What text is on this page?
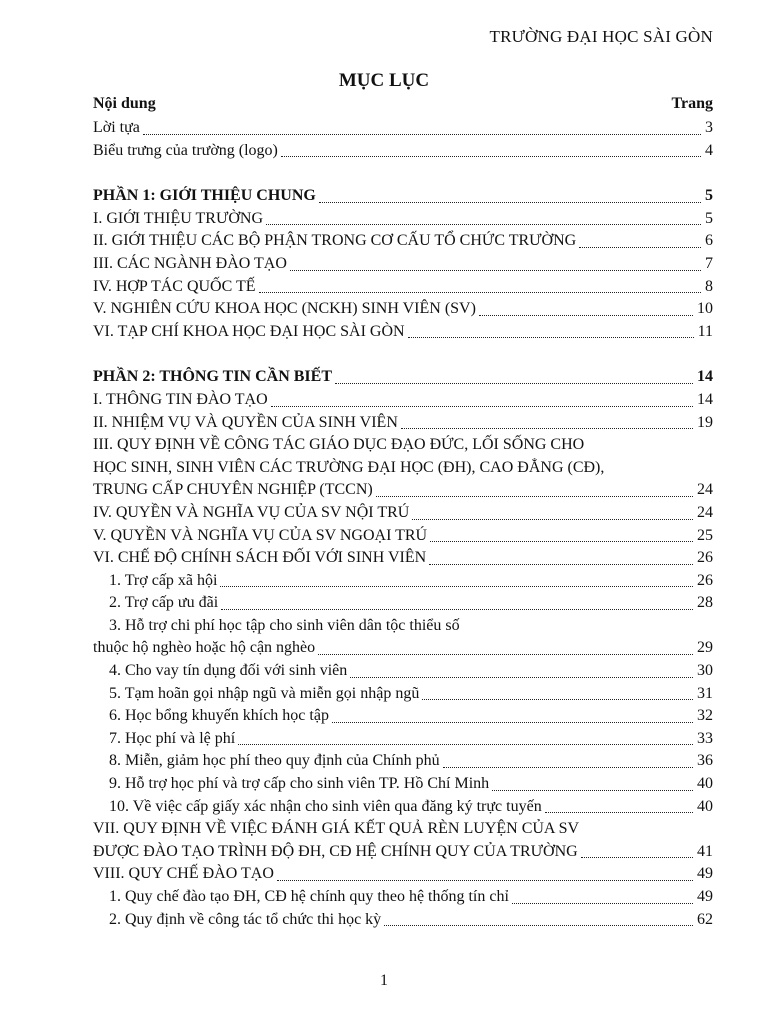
TRƯỜNG ĐẠI HỌC SÀI GÒN
MỤC LỤC
Nội dung	Trang
Lời tựa	3
Biểu trưng của trường (logo)	4
PHẦN 1: GIỚI THIỆU CHUNG	5
I. GIỚI THIỆU TRƯỜNG	5
II. GIỚI THIỆU CÁC BỘ PHẬN TRONG CƠ CẤU TỔ CHỨC TRƯỜNG	6
III. CÁC NGÀNH ĐÀO TẠO	7
IV. HỢP TÁC QUỐC TẾ	8
V. NGHIÊN CỨU KHOA HỌC (NCKH) SINH VIÊN (SV)	10
VI. TẠP CHÍ KHOA HỌC ĐẠI HỌC SÀI GÒN	11
PHẦN 2: THÔNG TIN CẦN BIẾT	14
I. THÔNG TIN ĐÀO TẠO	14
II. NHIỆM VỤ VÀ QUYỀN CỦA SINH VIÊN	19
III. QUY ĐỊNH VỀ CÔNG TÁC GIÁO DỤC ĐẠO ĐỨC, LỐI SỐNG CHO
HỌC SINH, SINH VIÊN CÁC TRƯỜNG ĐẠI HỌC (ĐH), CAO ĐẲNG (CĐ),
TRUNG CẤP CHUYÊN NGHIỆP (TCCN)	24
IV. QUYỀN VÀ NGHĨA VỤ CỦA SV NỘI TRÚ	24
V. QUYỀN VÀ NGHĨA VỤ CỦA SV NGOẠI TRÚ	25
VI. CHẾ ĐỘ CHÍNH SÁCH ĐỐI VỚI SINH VIÊN	26
1. Trợ cấp xã hội	26
2. Trợ cấp ưu đãi	28
3. Hỗ trợ chi phí học tập cho sinh viên dân tộc thiểu số
thuộc hộ nghèo hoặc hộ cận nghèo	29
4. Cho vay tín dụng đối với sinh viên	30
5. Tạm hoãn gọi nhập ngũ và miễn gọi nhập ngũ	31
6. Học bổng khuyến khích học tập	32
7. Học phí và lệ phí	33
8. Miễn, giảm học phí theo quy định của Chính phủ	36
9. Hỗ trợ học phí và trợ cấp cho sinh viên TP. Hồ Chí Minh	40
10. Về việc cấp giấy xác nhận cho sinh viên qua đăng ký trực tuyến	40
VII. QUY ĐỊNH VỀ VIỆC ĐÁNH GIÁ KẾT QUẢ RÈN LUYỆN CỦA SV
ĐƯỢC ĐÀO TẠO TRÌNH ĐỘ ĐH, CĐ HỆ CHÍNH QUY CỦA TRƯỜNG	41
VIII. QUY CHẾ ĐÀO TẠO	49
1. Quy chế đào tạo ĐH, CĐ hệ chính quy theo hệ thống tín chỉ	49
2. Quy định về công tác tổ chức thi học kỳ	62
1
